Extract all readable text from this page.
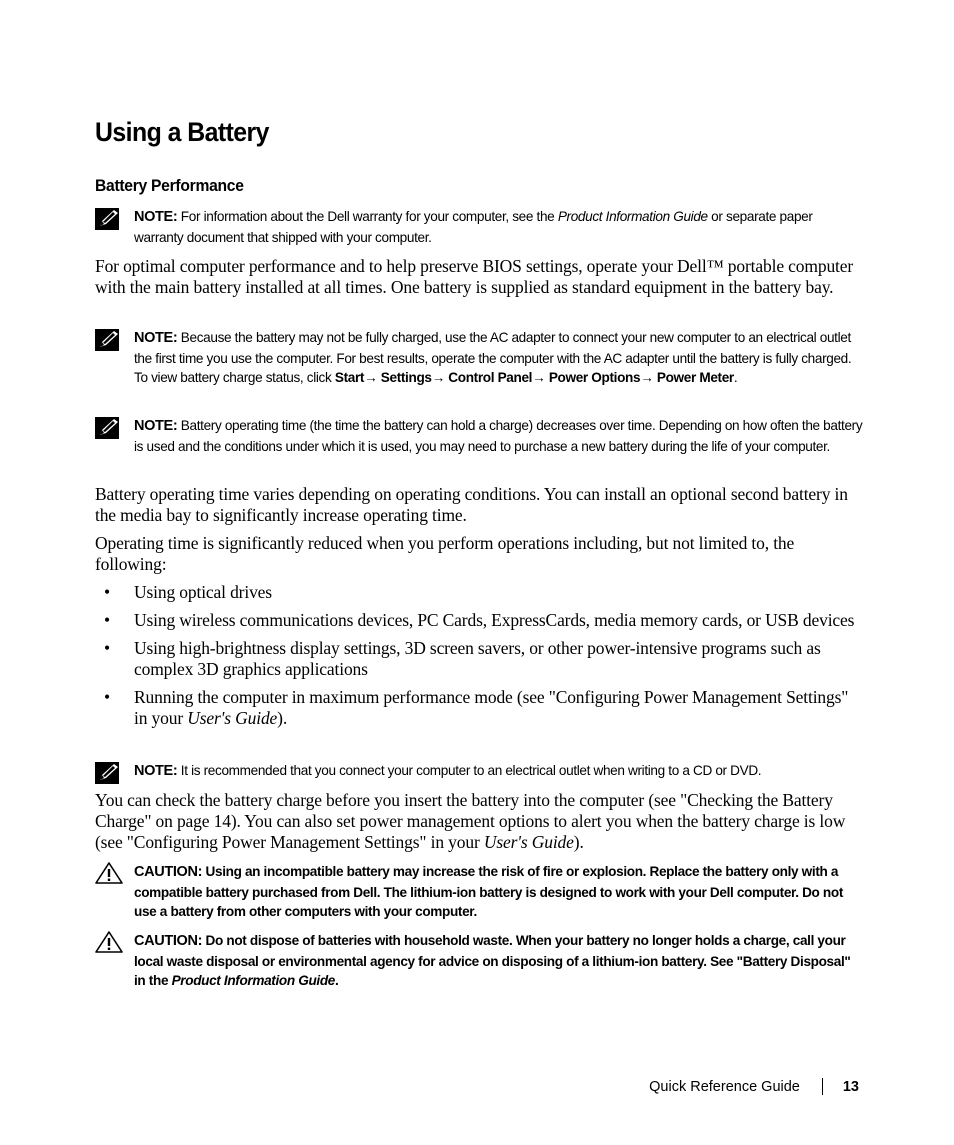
Using a Battery
Battery Performance

NOTE: For information about the Dell warranty for your computer, see the Product Information Guide or separate paper warranty document that shipped with your computer.

For optimal computer performance and to help preserve BIOS settings, operate your Dell™ portable computer with the main battery installed at all times. One battery is supplied as standard equipment in the battery bay.

NOTE: Because the battery may not be fully charged, use the AC adapter to connect your new computer to an electrical outlet the first time you use the computer. For best results, operate the computer with the AC adapter until the battery is fully charged. To view battery charge status, click Start→ Settings→ Control Panel→ Power Options→ Power Meter.

NOTE: Battery operating time (the time the battery can hold a charge) decreases over time. Depending on how often the battery is used and the conditions under which it is used, you may need to purchase a new battery during the life of your computer.

Battery operating time varies depending on operating conditions. You can install an optional second battery in the media bay to significantly increase operating time.

Operating time is significantly reduced when you perform operations including, but not limited to, the following:

• Using optical drives
• Using wireless communications devices, PC Cards, ExpressCards, media memory cards, or USB devices
• Using high-brightness display settings, 3D screen savers, or other power-intensive programs such as complex 3D graphics applications
• Running the computer in maximum performance mode (see "Configuring Power Management Settings" in your User's Guide).

NOTE: It is recommended that you connect your computer to an electrical outlet when writing to a CD or DVD.

You can check the battery charge before you insert the battery into the computer (see "Checking the Battery Charge" on page 14). You can also set power management options to alert you when the battery charge is low (see "Configuring Power Management Settings" in your User's Guide).

CAUTION: Using an incompatible battery may increase the risk of fire or explosion. Replace the battery only with a compatible battery purchased from Dell. The lithium-ion battery is designed to work with your Dell computer. Do not use a battery from other computers with your computer.

CAUTION: Do not dispose of batteries with household waste. When your battery no longer holds a charge, call your local waste disposal or environmental agency for advice on disposing of a lithium-ion battery. See "Battery Disposal" in the Product Information Guide.

Quick Reference Guide	13
